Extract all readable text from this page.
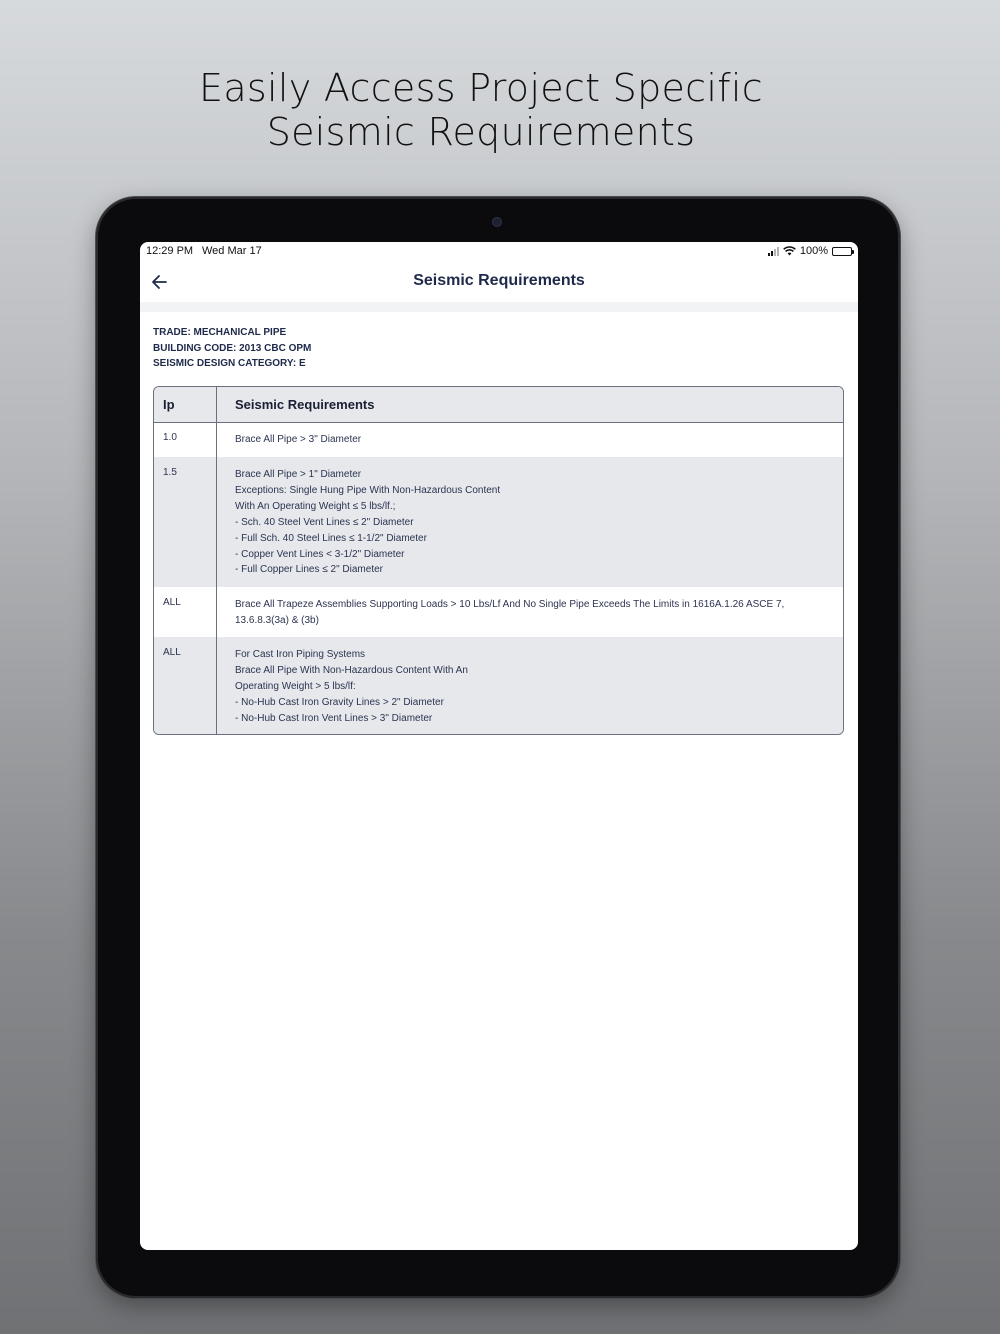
Easily Access Project Specific
Seismic Requirements
12:29 PM Wed Mar 17	100%
Seismic Requirements
TRADE: MECHANICAL PIPE
BUILDING CODE: 2013 CBC OPM
SEISMIC DESIGN CATEGORY: E
Ip	Seismic Requirements
1.0	Brace All Pipe > 3" Diameter
1.5	Brace All Pipe > 1" Diameter
Exceptions: Single Hung Pipe With Non-Hazardous Content
With An Operating Weight ≤ 5 lbs/lf.;
- Sch. 40 Steel Vent Lines ≤ 2" Diameter
- Full Sch. 40 Steel Lines ≤ 1-1/2" Diameter
- Copper Vent Lines < 3-1/2" Diameter
- Full Copper Lines ≤ 2" Diameter
ALL	Brace All Trapeze Assemblies Supporting Loads > 10 Lbs/Lf And No Single Pipe Exceeds The Limits in 1616A.1.26 ASCE 7,
13.6.8.3(3a) & (3b)
ALL	For Cast Iron Piping Systems
Brace All Pipe With Non-Hazardous Content With An
Operating Weight > 5 lbs/lf:
- No-Hub Cast Iron Gravity Lines > 2" Diameter
- No-Hub Cast Iron Vent Lines > 3" Diameter
